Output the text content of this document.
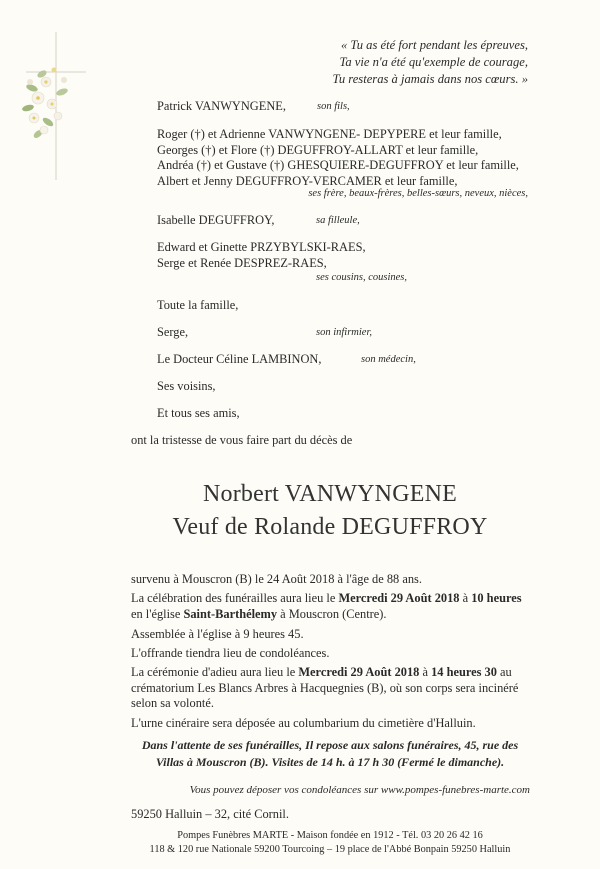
« Tu as été fort pendant les épreuves,
Ta vie n'a été qu'exemple de courage,
Tu resteras à jamais dans nos cœurs. »
Patrick VANWYNGENE,	son fils,
Roger (†) et Adrienne VANWYNGENE- DEPYPERE et leur famille,
Georges (†) et Flore (†) DEGUFFROY-ALLART et leur famille,
Andréa (†) et Gustave (†) GHESQUIERE-DEGUFFROY et leur famille,
Albert et Jenny DEGUFFROY-VERCAMER et leur famille,
ses frère, beaux-frères, belles-sœurs, neveux, nièces,
Isabelle DEGUFFROY,	sa filleule,
Edward et Ginette PRZYBYLSKI-RAES,
Serge et Renée DESPREZ-RAES,
ses cousins, cousines,
Toute la famille,
Serge,	son infirmier,
Le Docteur Céline LAMBINON,	son médecin,
Ses voisins,
Et tous ses amis,
ont la tristesse de vous faire part du décès de
Norbert VANWYNGENE
Veuf de Rolande DEGUFFROY
survenu à Mouscron (B) le 24 Août 2018 à l'âge de 88 ans.
La célébration des funérailles aura lieu le Mercredi 29 Août 2018 à 10 heures
en l'église Saint-Barthélemy à Mouscron (Centre).
Assemblée à l'église à 9 heures 45.
L'offrande tiendra lieu de condoléances.
La cérémonie d'adieu aura lieu le Mercredi 29 Août 2018 à 14 heures 30 au
crématorium Les Blancs Arbres à Hacquegnies (B), où son corps sera incinéré
selon sa volonté.
L'urne cinéraire sera déposée au columbarium du cimetière d'Halluin.
Dans l'attente de ses funérailles, Il repose aux salons funéraires, 45, rue des
Villas à Mouscron (B). Visites de 14 h. à 17 h 30 (Fermé le dimanche).
Vous pouvez déposer vos condoléances sur www.pompes-funebres-marte.com
59250 Halluin – 32, cité Cornil.
Pompes Funèbres MARTE - Maison fondée en 1912 - Tél. 03 20 26 42 16
118 & 120 rue Nationale 59200 Tourcoing – 19 place de l'Abbé Bonpain 59250 Halluin
